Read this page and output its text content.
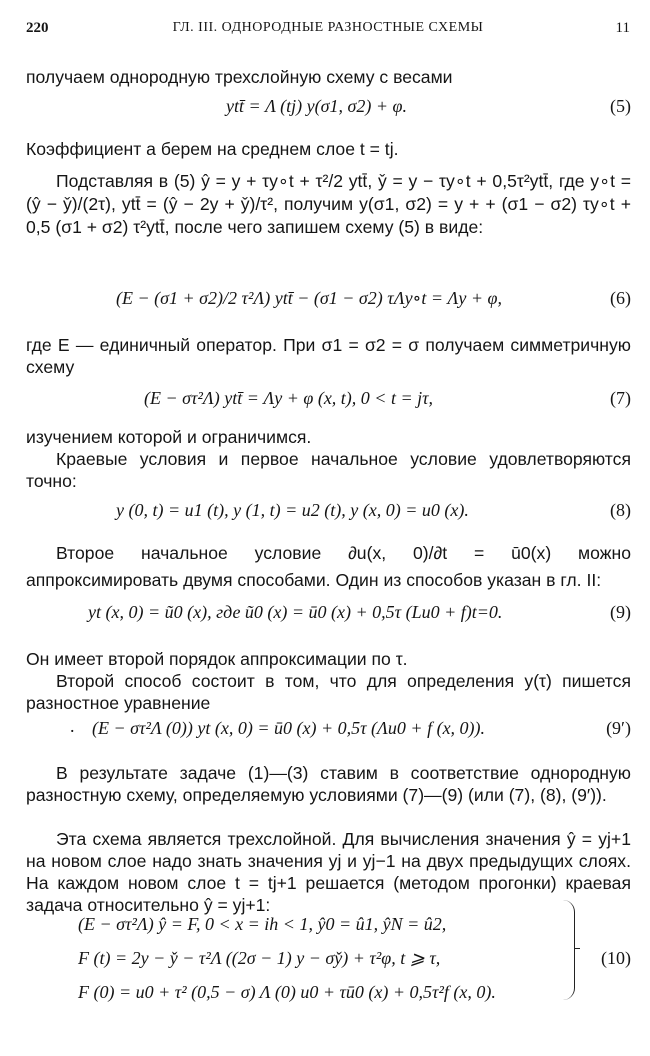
220	ГЛ. III. ОДНОРОДНЫЕ РАЗНОСТНЫЕ СХЕМЫ	11
получаем однородную трехслойную схему с весами
ytt̄ = Λ (tj) y(σ1, σ2) + φ.	(5)
Коэффициент a берем на среднем слое t = tj.
Подставляя в (5) ŷ = y + τy∘t + τ²/2 ytt̄, y̌ = y − τy∘t + 0,5τ²ytt̄, где y∘t = (ŷ − y̌)/(2τ), ytt̄ = (ŷ − 2y + y̌)/τ², получим y(σ1, σ2) = y + + (σ1 − σ2) τy∘t + 0,5 (σ1 + σ2) τ²ytt̄, после чего запишем схему (5) в виде:
(E − (σ1 + σ2)/2 τ²Λ) ytt̄ − (σ1 − σ2) τΛy∘t = Λy + φ,	(6)
где E — единичный оператор. При σ1 = σ2 = σ получаем симметричную схему
(E − στ²Λ) ytt̄ = Λy + φ (x, t), 0 < t = jτ,	(7)
изучением которой и ограничимся.
Краевые условия и первое начальное условие удовлетворяются точно:
y (0, t) = u1 (t), y (1, t) = u2 (t), y (x, 0) = u0 (x).	(8)
Второе начальное условие ∂u(x, 0)/∂t = ū0(x) можно аппроксимировать двумя способами. Один из способов указан в гл. II:
yt (x, 0) = ũ0 (x), где ũ0 (x) = ū0 (x) + 0,5τ (Lu0 + f)t=0.	(9)
Он имеет второй порядок аппроксимации по τ.
Второй способ состоит в том, что для определения y(τ) пишется разностное уравнение
. (E − στ²Λ (0)) yt (x, 0) = ū0 (x) + 0,5τ (Λu0 + f (x, 0)).	(9′)
В результате задаче (1)—(3) ставим в соответствие однородную разностную схему, определяемую условиями (7)—(9) (или (7), (8), (9′)).
Эта схема является трехслойной. Для вычисления значения ŷ = yj+1 на новом слое надо знать значения yj и yj−1 на двух предыдущих слоях. На каждом новом слое t = tj+1 решается (методом прогонки) краевая задача относительно ŷ = yj+1:
(E − στ²Λ) ŷ = F, 0 < x = ih < 1, ŷ0 = û1, ŷN = û2,
F (t) = 2y − y̌ − τ²Λ ((2σ − 1) y − σy̌) + τ²φ, t ⩾ τ,	(10)
F (0) = u0 + τ² (0,5 − σ) Λ (0) u0 + τū0 (x) + 0,5τ²f (x, 0).
